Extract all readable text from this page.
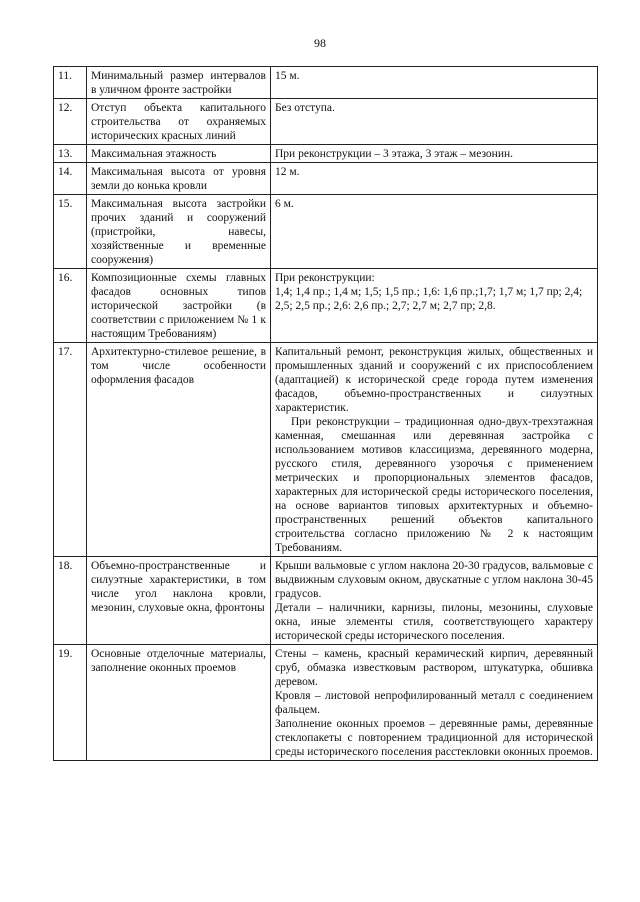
98
11.	Минимальный размер интервалов в уличном фронте застройки	15 м.

12.	Отступ объекта капитального строительства от охраняемых исторических красных линий	Без отступа.

13.	Максимальная этажность	При реконструкции – 3 этажа, 3 этаж – мезонин.

14.	Максимальная высота от уровня земли до конька кровли	12 м.

15.	Максимальная высота застройки прочих зданий и сооружений (пристройки, навесы, хозяйственные и временные сооружения)	6 м.

16.	Композиционные схемы главных фасадов основных типов исторической застройки (в соответствии с приложением № 1 к настоящим Требованиям)	При реконструкции:

1,4; 1,4 пр.; 1,4 м; 1,5; 1,5 пр.; 1,6: 1,6 пр.;1,7; 1,7 м; 1,7 пр; 2,4; 2,5; 2,5 пр.; 2,6: 2,6 пр.; 2,7; 2,7 м; 2,7 пр; 2,8.

17.	Архитектурно-стилевое решение, в том числе особенности оформления фасадов	Капитальный ремонт, реконструкция жилых, общественных и промышленных зданий и сооружений с их приспособлением (адаптацией) к исторической среде города путем изменения фасадов, объемно-пространственных и силуэтных характеристик.

При реконструкции – традиционная одно-двух-трехэтажная каменная, смешанная или деревянная застройка с использованием мотивов классицизма, деревянного модерна, русского стиля, деревянного узорочья с применением метрических и пропорциональных элементов фасадов, характерных для исторической среды исторического поселения, на основе вариантов типовых архитектурных и объемно-пространственных решений объектов капитального строительства согласно приложению № 2 к настоящим Требованиям.

18.	Объемно-пространственные и силуэтные характеристики, в том числе угол наклона кровли, мезонин, слуховые окна, фронтоны	Крыши вальмовые с углом наклона 20-30 градусов, вальмовые с выдвижным слуховым окном, двускатные с углом наклона 30-45 градусов.

Детали – наличники, карнизы, пилоны, мезонины, слуховые окна, иные элементы стиля, соответствующего характеру исторической среды исторического поселения.

19.	Основные отделочные материалы, заполнение оконных проемов	Стены – камень, красный керамический кирпич, деревянный сруб, обмазка известковым раствором, штукатурка, обшивка деревом.

Кровля – листовой непрофилированный металл с соединением фальцем.

Заполнение оконных проемов – деревянные рамы, деревянные стеклопакеты с повторением традиционной для исторической среды исторического поселения расстекловки оконных проемов.
